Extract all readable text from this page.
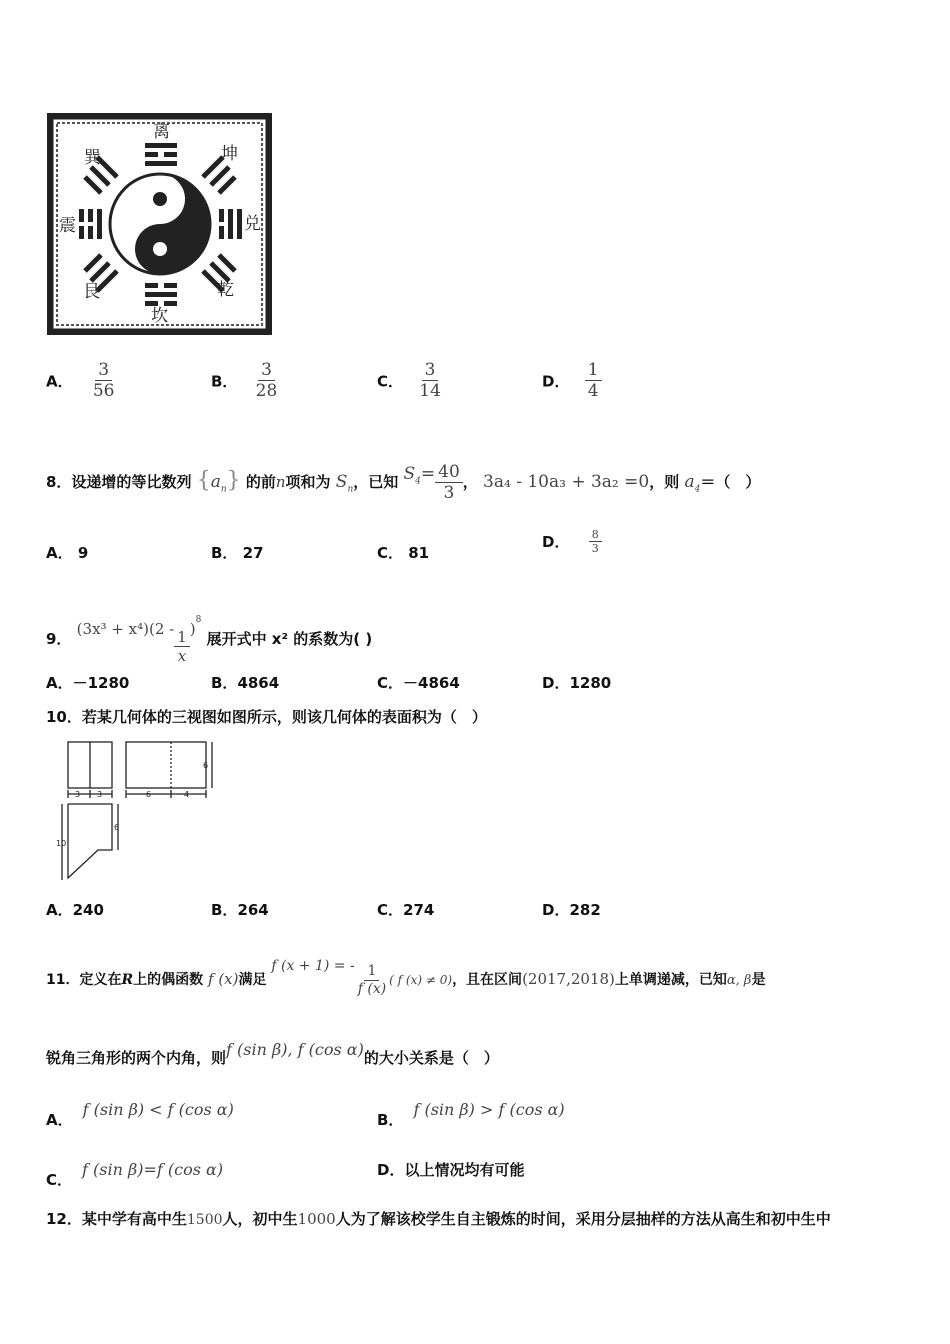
离
巽	坤
震	兑
艮	乾
坎
A． $\frac{3}{56}$	B． $\frac{3}{28}$	C． $\frac{3}{14}$	D． $\frac{1}{4}$
8．设递增的等比数列 $\{a_n\}$ 的前n项和为 $S_n$，已知 $S_4= \frac{40}{3}$ ， 3a₄ - 10a₃ + 3a₂ =0，则 $a_4=$（　）
A． 9	B． 27	C． 81
D． $\frac{8}{3}$
9． $(3x^3 + x^4)(2 - \frac{1}{x} )^8$ 展开式中 x² 的系数为( )
A．－1280	B．4864	C．－4864	D．1280
10．若某几何体的三视图如图所示，则该几何体的表面积为（　）
3 3	6	4
6
10
6
A．240	B．264	C．274	D．282
11．定义在R上的偶函数 f (x)满足 f (x + 1) = - $\frac{1}{f (x)}$ ( f (x) ≠ 0)，且在区间(2017,2018)上单调递减，已知α, β是
锐角三角形的两个内角，则f (sin β), f (cos α)的大小关系是（　）
A．f (sin β) < f (cos α)
B．f (sin β) > f (cos α)
C．f (sin β)=f (cos α)	D．以上情况均有可能
12．某中学有高中生1500人，初中生1000人为了解该校学生自主锻炼的时间，采用分层抽样的方法从高生和初中生中
